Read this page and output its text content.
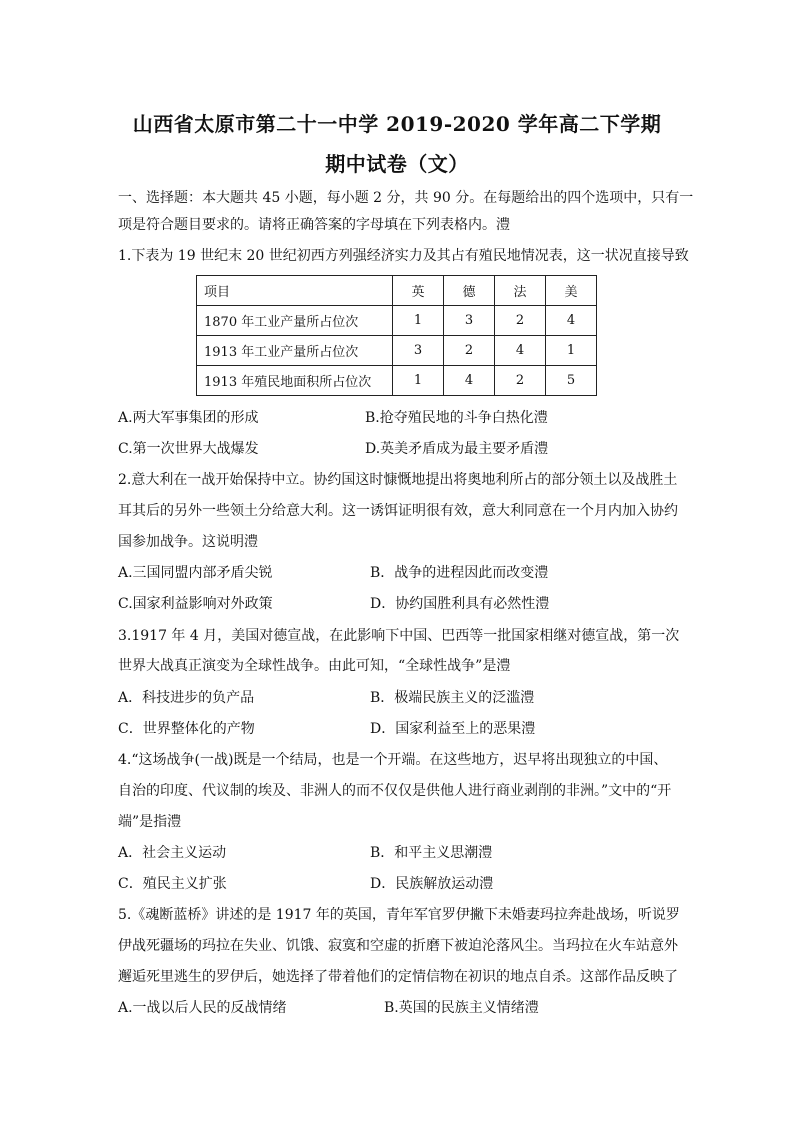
山西省太原市第二十一中学 2019-2020 学年高二下学期
期中试卷（文）
一、选择题：本大题共 45 小题，每小题 2 分，共 90 分。在每题给出的四个选项中，只有一
项是符合题目要求的。请将正确答案的字母填在下列表格内。澧
1.下表为 19 世纪末 20 世纪初西方列强经济实力及其占有殖民地情况表，这一状况直接导致
项目	英	德	法	美
1870 年工业产量所占位次	1	3	2	4
1913 年工业产量所占位次	3	2	4	1
1913 年殖民地面积所占位次	1	4	2	5
A.两大军事集团的形成	B.抢夺殖民地的斗争白热化澧
C.第一次世界大战爆发	D.英美矛盾成为最主要矛盾澧
2.意大利在一战开始保持中立。协约国这时慷慨地提出将奥地利所占的部分领土以及战胜土
耳其后的另外一些领土分给意大利。这一诱饵证明很有效，意大利同意在一个月内加入协约
国参加战争。这说明澧
A.三国同盟内部矛盾尖锐	B．战争的进程因此而改变澧
C.国家利益影响对外政策	D．协约国胜利具有必然性澧
3.1917 年 4 月，美国对德宣战，在此影响下中国、巴西等一批国家相继对德宣战，第一次
世界大战真正演变为全球性战争。由此可知，“全球性战争”是澧
A．科技进步的负产品	B．极端民族主义的泛滥澧
C．世界整体化的产物	D．国家利益至上的恶果澧
4.“这场战争(一战)既是一个结局，也是一个开端。在这些地方，迟早将出现独立的中国、
自治的印度、代议制的埃及、非洲人的而不仅仅是供他人进行商业剥削的非洲。”文中的“开
端”是指澧
A．社会主义运动	B．和平主义思潮澧
C．殖民主义扩张	D．民族解放运动澧
5.《魂断蓝桥》讲述的是 1917 年的英国，青年军官罗伊撇下未婚妻玛拉奔赴战场，听说罗
伊战死疆场的玛拉在失业、饥饿、寂寞和空虚的折磨下被迫沦落风尘。当玛拉在火车站意外
邂逅死里逃生的罗伊后，她选择了带着他们的定情信物在初识的地点自杀。这部作品反映了
A.一战以后人民的反战情绪	B.英国的民族主义情绪澧
